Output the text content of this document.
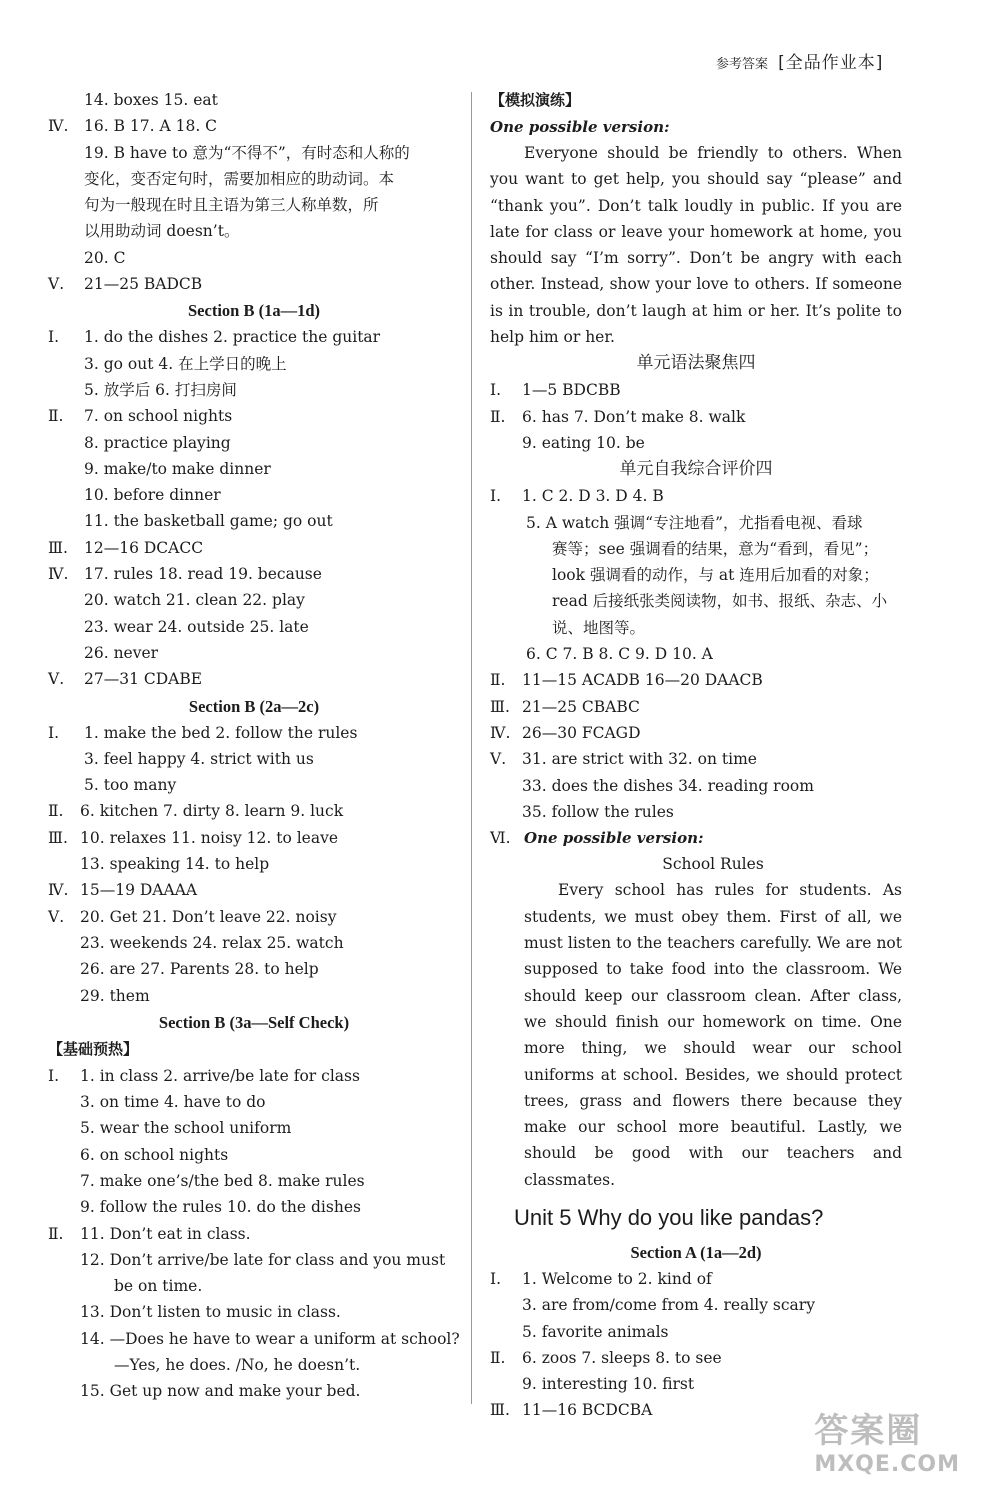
参考答案 [全品作业本]
14. boxes 15. eat
Ⅳ. 16. B 17. A 18. C
19. B have to 意为“不得不”，有时态和人称的
变化，变否定句时，需要加相应的助动词。本
句为一般现在时且主语为第三人称单数，所
以用助动词 doesn’t。
20. C
Ⅴ. 21—25 BADCB
Section B (1a—1d)
Ⅰ. 1. do the dishes 2. practice the guitar
3. go out 4. 在上学日的晚上
5. 放学后 6. 打扫房间
Ⅱ. 7. on school nights
8. practice playing
9. make/to make dinner
10. before dinner
11. the basketball game; go out
Ⅲ. 12—16 DCACC
Ⅳ. 17. rules 18. read 19. because
20. watch 21. clean 22. play
23. wear 24. outside 25. late
26. never
Ⅴ. 27—31 CDABE
Section B (2a—2c)
Ⅰ. 1. make the bed 2. follow the rules
3. feel happy 4. strict with us
5. too many
Ⅱ. 6. kitchen 7. dirty 8. learn 9. luck
Ⅲ. 10. relaxes 11. noisy 12. to leave
13. speaking 14. to help
Ⅳ. 15—19 DAAAA
Ⅴ. 20. Get 21. Don’t leave 22. noisy
23. weekends 24. relax 25. watch
26. are 27. Parents 28. to help
29. them
Section B (3a—Self Check)
【基础预热】
Ⅰ. 1. in class 2. arrive/be late for class
3. on time 4. have to do
5. wear the school uniform
6. on school nights
7. make one’s/the bed 8. make rules
9. follow the rules 10. do the dishes
Ⅱ. 11. Don’t eat in class.
12. Don’t arrive/be late for class and you must
be on time.
13. Don’t listen to music in class.
14. —Does he have to wear a uniform at school?
—Yes, he does. /No, he doesn’t.
15. Get up now and make your bed.
【模拟演练】
One possible version:
Everyone should be friendly to others. When you want to get help, you should say “please” and “thank you”. Don’t talk loudly in public. If you are late for class or leave your homework at home, you should say “I’m sorry”. Don’t be angry with each other. Instead, show your love to others. If someone is in trouble, don’t laugh at him or her. It’s polite to help him or her.
单元语法聚焦四
Ⅰ. 1—5 BDCBB
Ⅱ. 6. has 7. Don’t make 8. walk
9. eating 10. be
单元自我综合评价四
Ⅰ. 1. C 2. D 3. D 4. B
5. A watch 强调“专注地看”，尤指看电视、看球
赛等；see 强调看的结果，意为“看到，看见”；
look 强调看的动作，与 at 连用后加看的对象；
read 后接纸张类阅读物，如书、报纸、杂志、小
说、地图等。
6. C 7. B 8. C 9. D 10. A
Ⅱ. 11—15 ACADB 16—20 DAACB
Ⅲ. 21—25 CBABC
Ⅳ. 26—30 FCAGD
Ⅴ. 31. are strict with 32. on time
33. does the dishes 34. reading room
35. follow the rules
Ⅵ. One possible version:
School Rules
Every school has rules for students. As students, we must obey them. First of all, we must listen to the teachers carefully. We are not supposed to take food into the classroom. We should keep our classroom clean. After class, we should finish our homework on time. One more thing, we should wear our school uniforms at school. Besides, we should protect trees, grass and flowers there because they make our school more beautiful. Lastly, we should be good with our teachers and classmates.
Unit 5 Why do you like pandas?
Section A (1a—2d)
Ⅰ. 1. Welcome to 2. kind of
3. are from/come from 4. really scary
5. favorite animals
Ⅱ. 6. zoos 7. sleeps 8. to see
9. interesting 10. first
Ⅲ. 11—16 BCDCBA
答案圈
MXQE.COM
